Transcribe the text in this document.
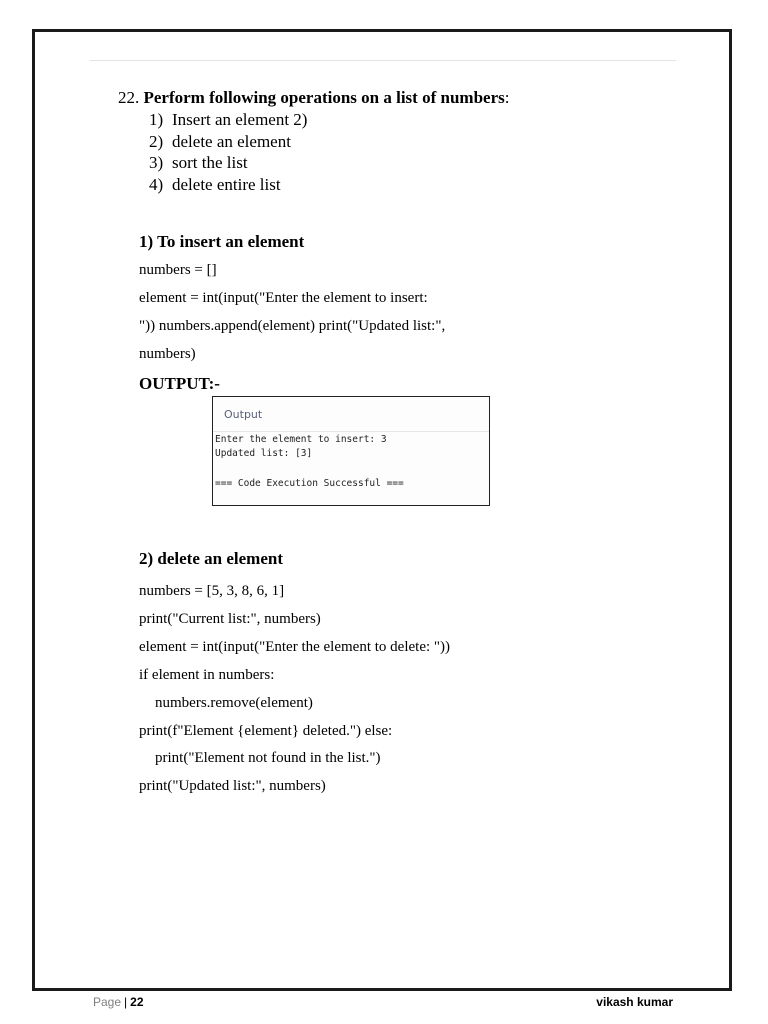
22. Perform following operations on a list of numbers:
1) Insert an element 2)
2) delete an element
3) sort the list
4) delete entire list
1) To insert an element
numbers = []
element = int(input("Enter the element to insert:
")) numbers.append(element) print("Updated list:",
numbers)
OUTPUT:-
Output
Enter the element to insert: 3
Updated list: [3]
=== Code Execution Successful ===
2) delete an element
numbers = [5, 3, 8, 6, 1]
print("Current list:", numbers)
element = int(input("Enter the element to delete: "))
if element in numbers:
numbers.remove(element)
print(f"Element {element} deleted.") else:
print("Element not found in the list.")
print("Updated list:", numbers)
Page | 22	vikash kumar
